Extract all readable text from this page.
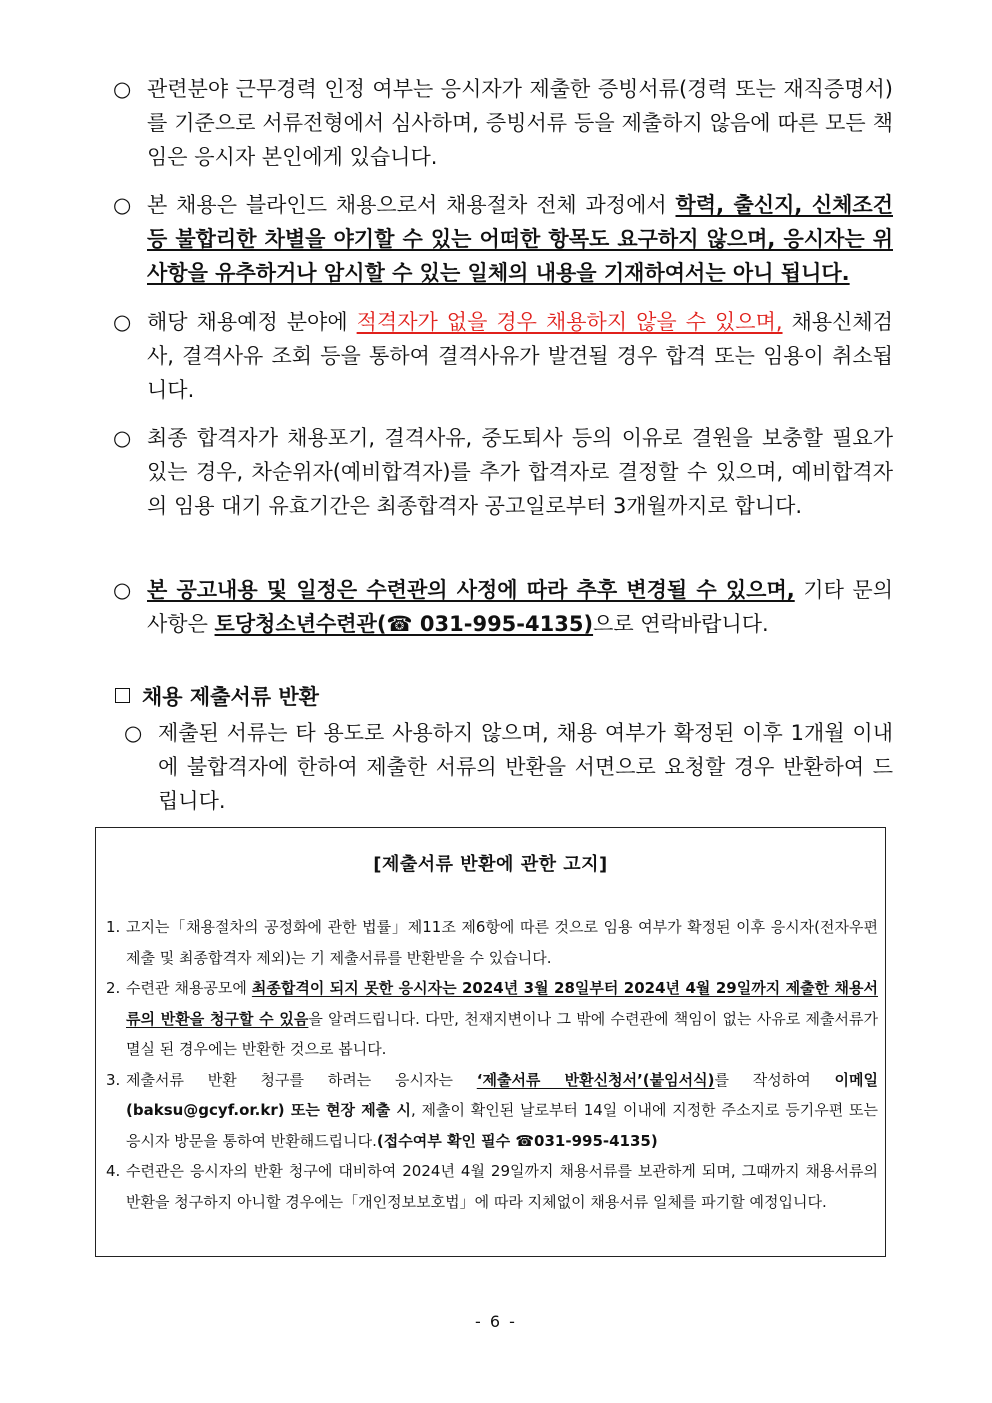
○ 관련분야 근무경력 인정 여부는 응시자가 제출한 증빙서류(경력 또는 재직증명서)를 기준으로 서류전형에서 심사하며, 증빙서류 등을 제출하지 않음에 따른 모든 책임은 응시자 본인에게 있습니다.
○ 본 채용은 블라인드 채용으로서 채용절차 전체 과정에서 학력, 출신지, 신체조건 등 불합리한 차별을 야기할 수 있는 어떠한 항목도 요구하지 않으며, 응시자는 위 사항을 유추하거나 암시할 수 있는 일체의 내용을 기재하여서는 아니 됩니다.
○ 해당 채용예정 분야에 적격자가 없을 경우 채용하지 않을 수 있으며, 채용신체검사, 결격사유 조회 등을 통하여 결격사유가 발견될 경우 합격 또는 임용이 취소됩니다.
○ 최종 합격자가 채용포기, 결격사유, 중도퇴사 등의 이유로 결원을 보충할 필요가 있는 경우, 차순위자(예비합격자)를 추가 합격자로 결정할 수 있으며, 예비합격자의 임용 대기 유효기간은 최종합격자 공고일로부터 3개월까지로 합니다.
○ 본 공고내용 및 일정은 수련관의 사정에 따라 추후 변경될 수 있으며, 기타 문의 사항은 토당청소년수련관(☎ 031-995-4135)으로 연락바랍니다.
채용 제출서류 반환
○ 제출된 서류는 타 용도로 사용하지 않으며, 채용 여부가 확정된 이후 1개월 이내에 불합격자에 한하여 제출한 서류의 반환을 서면으로 요청할 경우 반환하여 드립니다.
[제출서류 반환에 관한 고지]
1. 고지는「채용절차의 공정화에 관한 법률」제11조 제6항에 따른 것으로 임용 여부가 확정된 이후 응시자(전자우편 제출 및 최종합격자 제외)는 기 제출서류를 반환받을 수 있습니다.
2. 수련관 채용공모에 최종합격이 되지 못한 응시자는 2024년 3월 28일부터 2024년 4월 29일까지 제출한 채용서류의 반환을 청구할 수 있음을 알려드립니다. 다만, 천재지변이나 그 밖에 수련관에 책임이 없는 사유로 제출서류가 멸실 된 경우에는 반환한 것으로 봅니다.
3. 제출서류 반환 청구를 하려는 응시자는 ‘제출서류 반환신청서’(붙임서식)를 작성하여 이메일(baksu@gcyf.or.kr) 또는 현장 제출 시, 제출이 확인된 날로부터 14일 이내에 지정한 주소지로 등기우편 또는 응시자 방문을 통하여 반환해드립니다.(접수여부 확인 필수 ☎031-995-4135)
4. 수련관은 응시자의 반환 청구에 대비하여 2024년 4월 29일까지 채용서류를 보관하게 되며, 그때까지 채용서류의 반환을 청구하지 아니할 경우에는「개인정보보호법」에 따라 지체없이 채용서류 일체를 파기할 예정입니다.
- 6 -
